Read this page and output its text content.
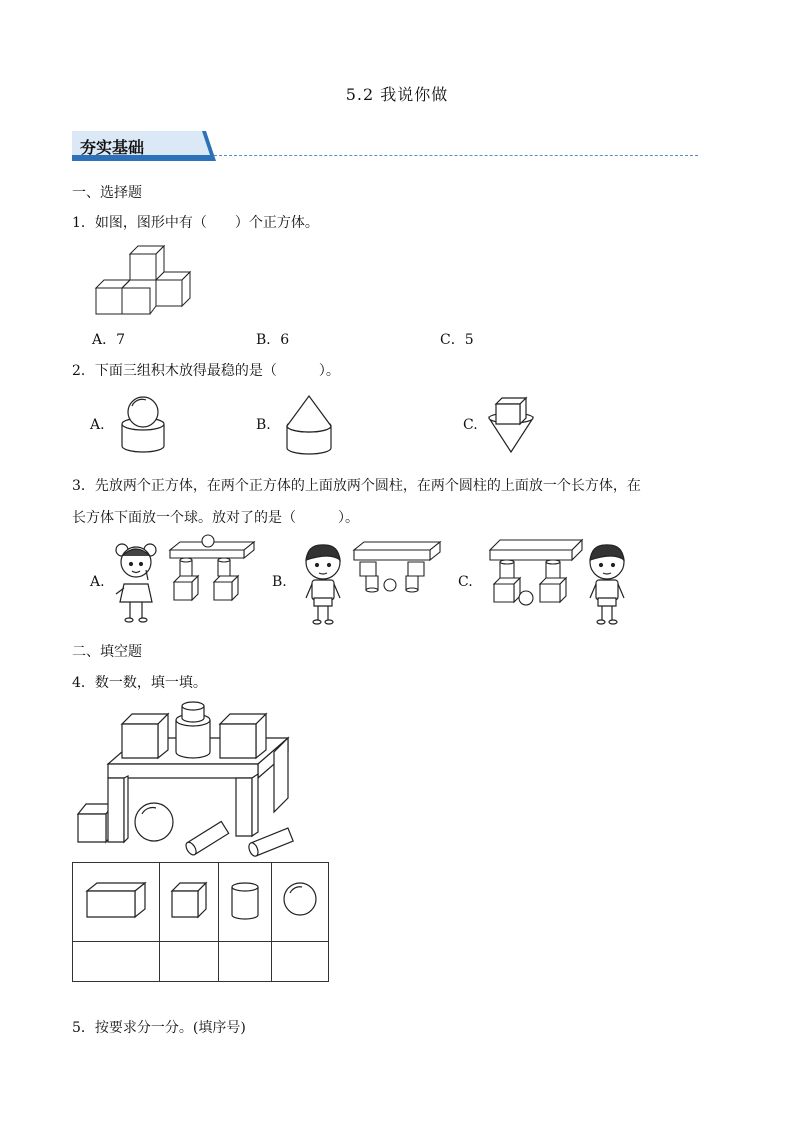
5.2 我说你做
夯实基础
一、选择题
1．如图，图形中有（　　）个正方体。
A．7	B．6	C．5
2．下面三组积木放得最稳的是（　　　）。
A.	B.	C.
3．先放两个正方体，在两个正方体的上面放两个圆柱，在两个圆柱的上面放一个长方体，在
长方体下面放一个球。放对了的是（　　　）。
A.	B.	C.
二、填空题
4．数一数，填一填。

5．按要求分一分。(填序号)
